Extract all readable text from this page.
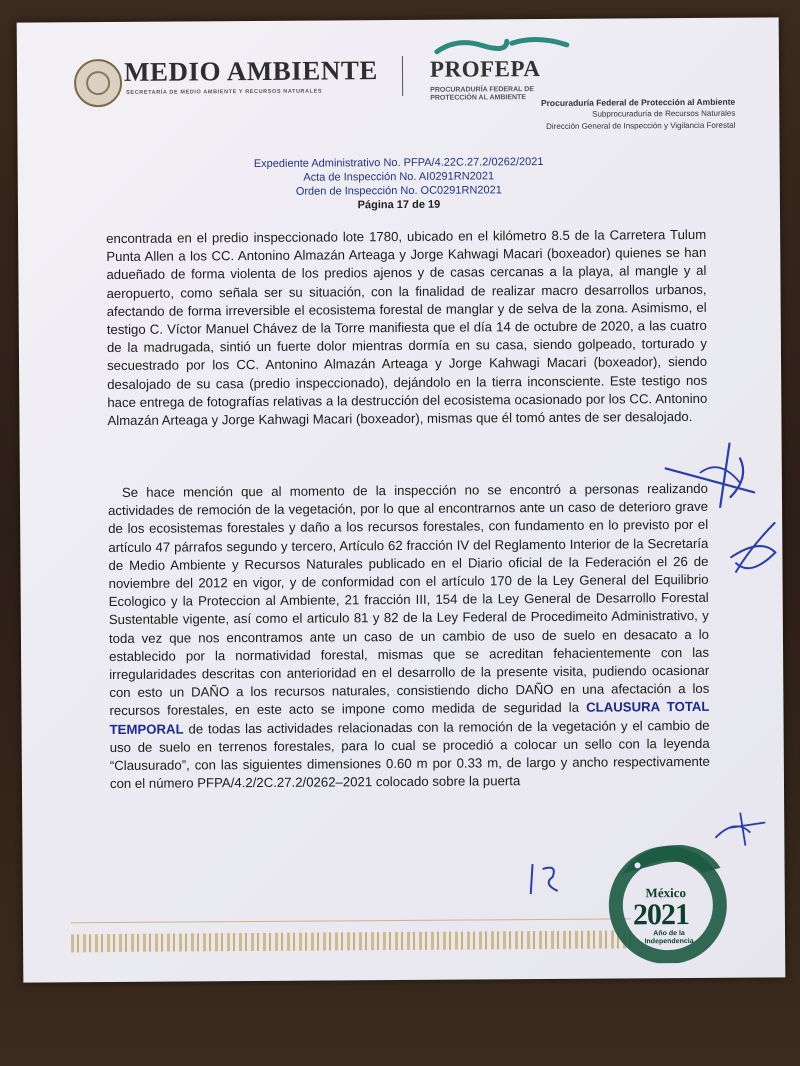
MEDIO AMBIENTE
SECRETARÍA DE MEDIO AMBIENTE Y RECURSOS NATURALES
PROFEPA
PROCURADURÍA FEDERAL DE
PROTECCIÓN AL AMBIENTE	Procuraduría Federal de Protección al Ambiente
Subprocuraduría de Recursos Naturales
Dirección General de Inspección y Vigilancia Forestal
Expediente Administrativo No. PFPA/4.22C.27.2/0262/2021
Acta de Inspección No. AI0291RN2021
Orden de Inspección No. OC0291RN2021
Página 17 de 19
encontrada en el predio inspeccionado lote 1780, ubicado en el kilómetro 8.5 de la Carretera Tulum Punta Allen a los CC. Antonino Almazán Arteaga y Jorge Kahwagi Macari (boxeador) quienes se han adueñado de forma violenta de los predios ajenos y de casas cercanas a la playa, al mangle y al aeropuerto, como señala ser su situación, con la finalidad de realizar macro desarrollos urbanos, afectando de forma irreversible el ecosistema forestal de manglar y de selva de la zona. Asimismo, el testigo C. Víctor Manuel Chávez de la Torre manifiesta que el día 14 de octubre de 2020, a las cuatro de la madrugada, sintió un fuerte dolor mientras dormía en su casa, siendo golpeado, torturado y secuestrado por los CC. Antonino Almazán Arteaga y Jorge Kahwagi Macari (boxeador), siendo desalojado de su casa (predio inspeccionado), dejándolo en la tierra inconsciente. Este testigo nos hace entrega de fotografías relativas a la destrucción del ecosistema ocasionado por los CC. Antonino Almazán Arteaga y Jorge Kahwagi Macari (boxeador), mismas que él tomó antes de ser desalojado.
Se hace mención que al momento de la inspección no se encontró a personas realizando actividades de remoción de la vegetación, por lo que al encontrarnos ante un caso de deterioro grave de los ecosistemas forestales y daño a los recursos forestales, con fundamento en lo previsto por el artículo 47 párrafos segundo y tercero, Artículo 62 fracción IV del Reglamento Interior de la Secretaría de Medio Ambiente y Recursos Naturales publicado en el Diario oficial de la Federación el 26 de noviembre del 2012 en vigor, y de conformidad con el artículo 170 de la Ley General del Equilibrio Ecologico y la Proteccion al Ambiente, 21 fracción III, 154 de la Ley General de Desarrollo Forestal Sustentable vigente, así como el articulo 81 y 82 de la Ley Federal de Procedimeito Administrativo, y toda vez que nos encontramos ante un caso de un cambio de uso de suelo en desacato a lo establecido por la normatividad forestal, mismas que se acreditan fehacientemente con las irregularidades descritas con anterioridad en el desarrollo de la presente visita, pudiendo ocasionar con esto un DAÑO a los recursos naturales, consistiendo dicho DAÑO en una afectación a los recursos forestales, en este acto se impone como medida de seguridad la CLAUSURA TOTAL TEMPORAL de todas las actividades relacionadas con la remoción de la vegetación y el cambio de uso de suelo en terrenos forestales, para lo cual se procedió a colocar un sello con la leyenda “Clausurado”, con las siguientes dimensiones 0.60 m por 0.33 m, de largo y ancho respectivamente con el número PFPA/4.2/2C.27.2/0262–2021 colocado sobre la puerta
México
2021
Año de la Independencia
